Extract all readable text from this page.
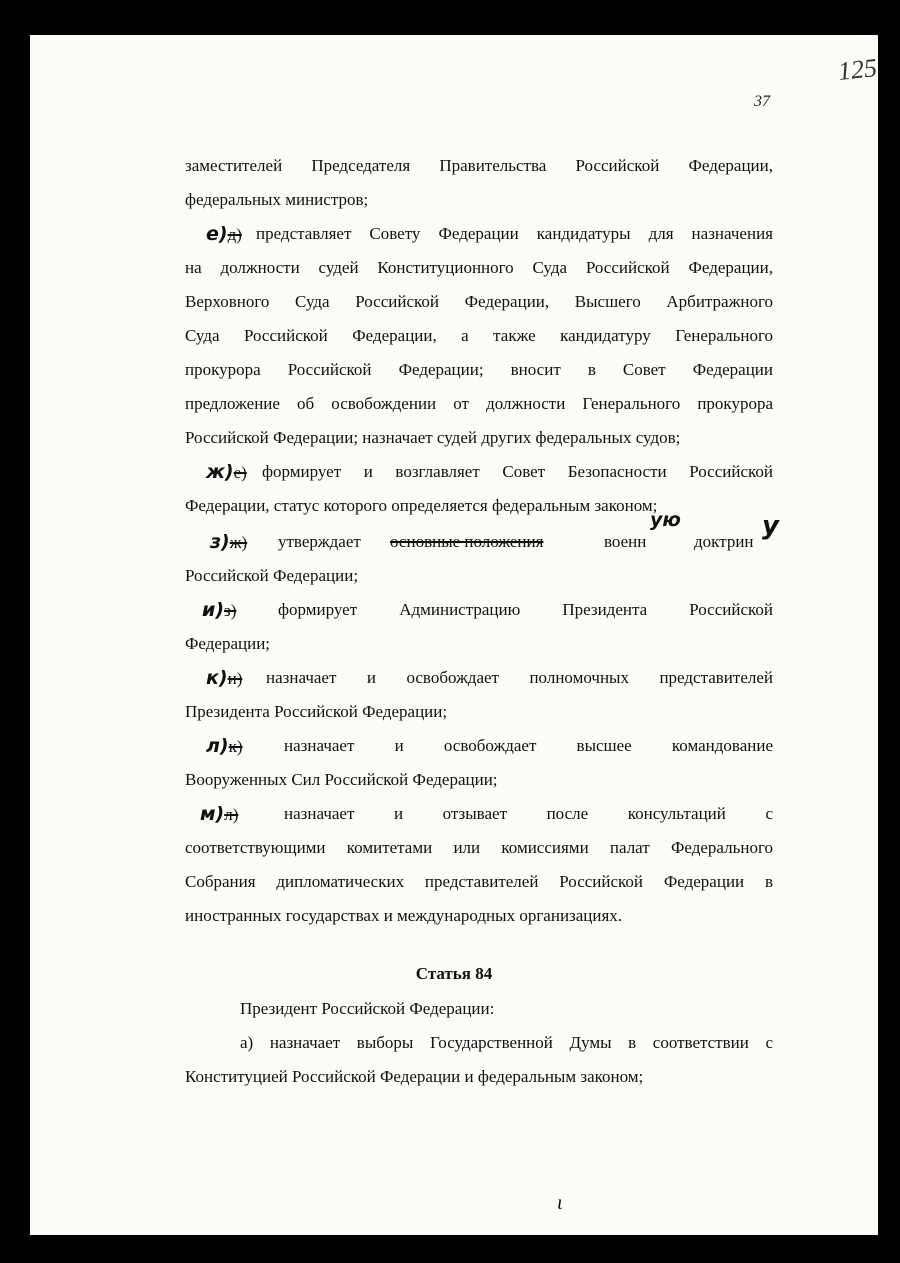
125
37
заместителей Председателя Правительства Российской Федерации,
федеральных министров;
е)д) представляет Совету Федерации кандидатуры для назначения
на должности судей Конституционного Суда Российской Федерации,
Верховного Суда Российской Федерации, Высшего Арбитражного
Суда Российской Федерации, а также кандидатуру Генерального
прокурора Российской Федерации; вносит в Совет Федерации
предложение об освобождении от должности Генерального прокурора
Российской Федерации; назначает судей других федеральных судов;
ж)е) формирует и возглавляет Совет Безопасности Российской
Федерации, статус которого определяется федеральным законом;
з)ж) утверждает основные положения	военн
ую
доктрин
у
Российской Федерации;
и)з) формирует Администрацию Президента Российской
Федерации;
к)и) назначает и освобождает полномочных представителей
Президента Российской Федерации;
л)к) назначает и освобождает высшее командование
Вооруженных Сил Российской Федерации;
м)л)	назначает и отзывает после консультаций с
соответствующими комитетами или комиссиями палат Федерального
Собрания дипломатических представителей Российской Федерации в
иностранных государствах и международных организациях.
Статья 84
Президент Российской Федерации:
а) назначает выборы Государственной Думы в соответствии с
Конституцией Российской Федерации и федеральным законом;
ι
